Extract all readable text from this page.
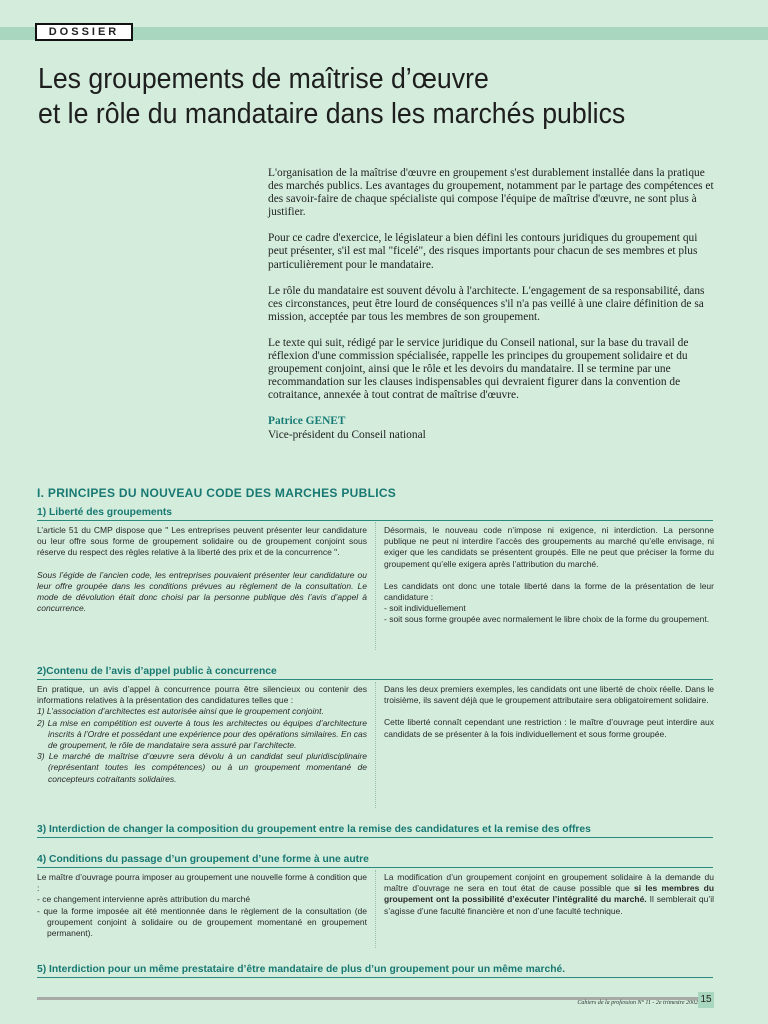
DOSSIER
Les groupements de maîtrise d’œuvre
et le rôle du mandataire dans les marchés publics

L'organisation de la maîtrise d'œuvre en groupement s'est durablement installée dans la pratique des marchés publics. Les avantages du groupement, notamment par le partage des compétences et des savoir-faire de chaque spécialiste qui compose l'équipe de maîtrise d'œuvre, ne sont plus à justifier.

Pour ce cadre d'exercice, le législateur a bien défini les contours juridiques du groupement qui peut présenter, s'il est mal "ficelé", des risques importants pour chacun de ses membres et plus particulièrement pour le mandataire.

Le rôle du mandataire est souvent dévolu à l'architecte. L'engagement de sa responsabilité, dans ces circonstances, peut être lourd de conséquences s'il n'a pas veillé à une claire définition de sa mission, acceptée par tous les membres de son groupement.

Le texte qui suit, rédigé par le service juridique du Conseil national, sur la base du travail de réflexion d'une commission spécialisée, rappelle les principes du groupement solidaire et du groupement conjoint, ainsi que le rôle et les devoirs du mandataire. Il se termine par une recommandation sur les clauses indispensables qui devraient figurer dans la convention de cotraitance, annexée à tout contrat de maîtrise d'œuvre.

Patrice GENET
Vice-président du Conseil national
I. PRINCIPES DU NOUVEAU CODE DES MARCHES PUBLICS
1) Liberté des groupements

L’article 51 du CMP dispose que " Les entreprises peuvent présenter leur candidature ou leur offre sous forme de groupement solidaire ou de groupement conjoint sous réserve du respect des règles relative à la liberté des prix et de la concurrence ".

Sous l’égide de l’ancien code, les entreprises pouvaient présenter leur candidature ou leur offre groupée dans les conditions prévues au règlement de la consultation. Le mode de dévolution était donc choisi par la personne publique dès l’avis d’appel à concurrence.

Désormais, le nouveau code n’impose ni exigence, ni interdiction. La personne publique ne peut ni interdire l’accès des groupements au marché qu’elle envisage, ni exiger que les candidats se présentent groupés. Elle ne peut que préciser la forme du groupement qu’elle exigera après l’attribution du marché.

Les candidats ont donc une totale liberté dans la forme de la présentation de leur candidature :
- soit individuellement
- soit sous forme groupée avec normalement le libre choix de la forme du groupement.
2)Contenu de l’avis d’appel public à concurrence
En pratique, un avis d’appel à concurrence pourra être silencieux ou contenir des informations relatives à la présentation des candidatures telles que :
1) L’association d’architectes est autorisée ainsi que le groupement conjoint.
2) La mise en compétition est ouverte à tous les architectes ou équipes d’architecture inscrits à l’Ordre et possédant une expérience pour des opérations similaires. En cas de groupement, le rôle de mandataire sera assuré par l’architecte.
3) Le marché de maîtrise d’œuvre sera dévolu à un candidat seul pluridisciplinaire (représentant toutes les compétences) ou à un groupement momentané de concepteurs cotraitants solidaires.

Dans les deux premiers exemples, les candidats ont une liberté de choix réelle. Dans le troisième, ils savent déjà que le groupement attributaire sera obligatoirement solidaire.

Cette liberté connaît cependant une restriction : le maître d’ouvrage peut interdire aux candidats de se présenter à la fois individuellement et sous forme groupée.

3) Interdiction de changer la composition du groupement entre la remise des candidatures et la remise des offres
4) Conditions du passage d’un groupement d’une forme à une autre
Le maître d’ouvrage pourra imposer au groupement une nouvelle forme à condition que :
- ce changement intervienne après attribution du marché
- que la forme imposée ait été mentionnée dans le règlement de la consultation (de groupement conjoint à solidaire ou de groupement momentané en groupement permanent).

La modification d’un groupement conjoint en groupement solidaire à la demande du maître d’ouvrage ne sera en tout état de cause possible que si les membres du groupement ont la possibilité d’exécuter l’intégralité du marché. Il semblerait qu’il s’agisse d’une faculté financière et non d’une faculté technique.

5) Interdiction pour un même prestataire d’être mandataire de plus d’un groupement pour un même marché.
Cahiers de la profession N° 11 - 2e trimestre 2002 15
